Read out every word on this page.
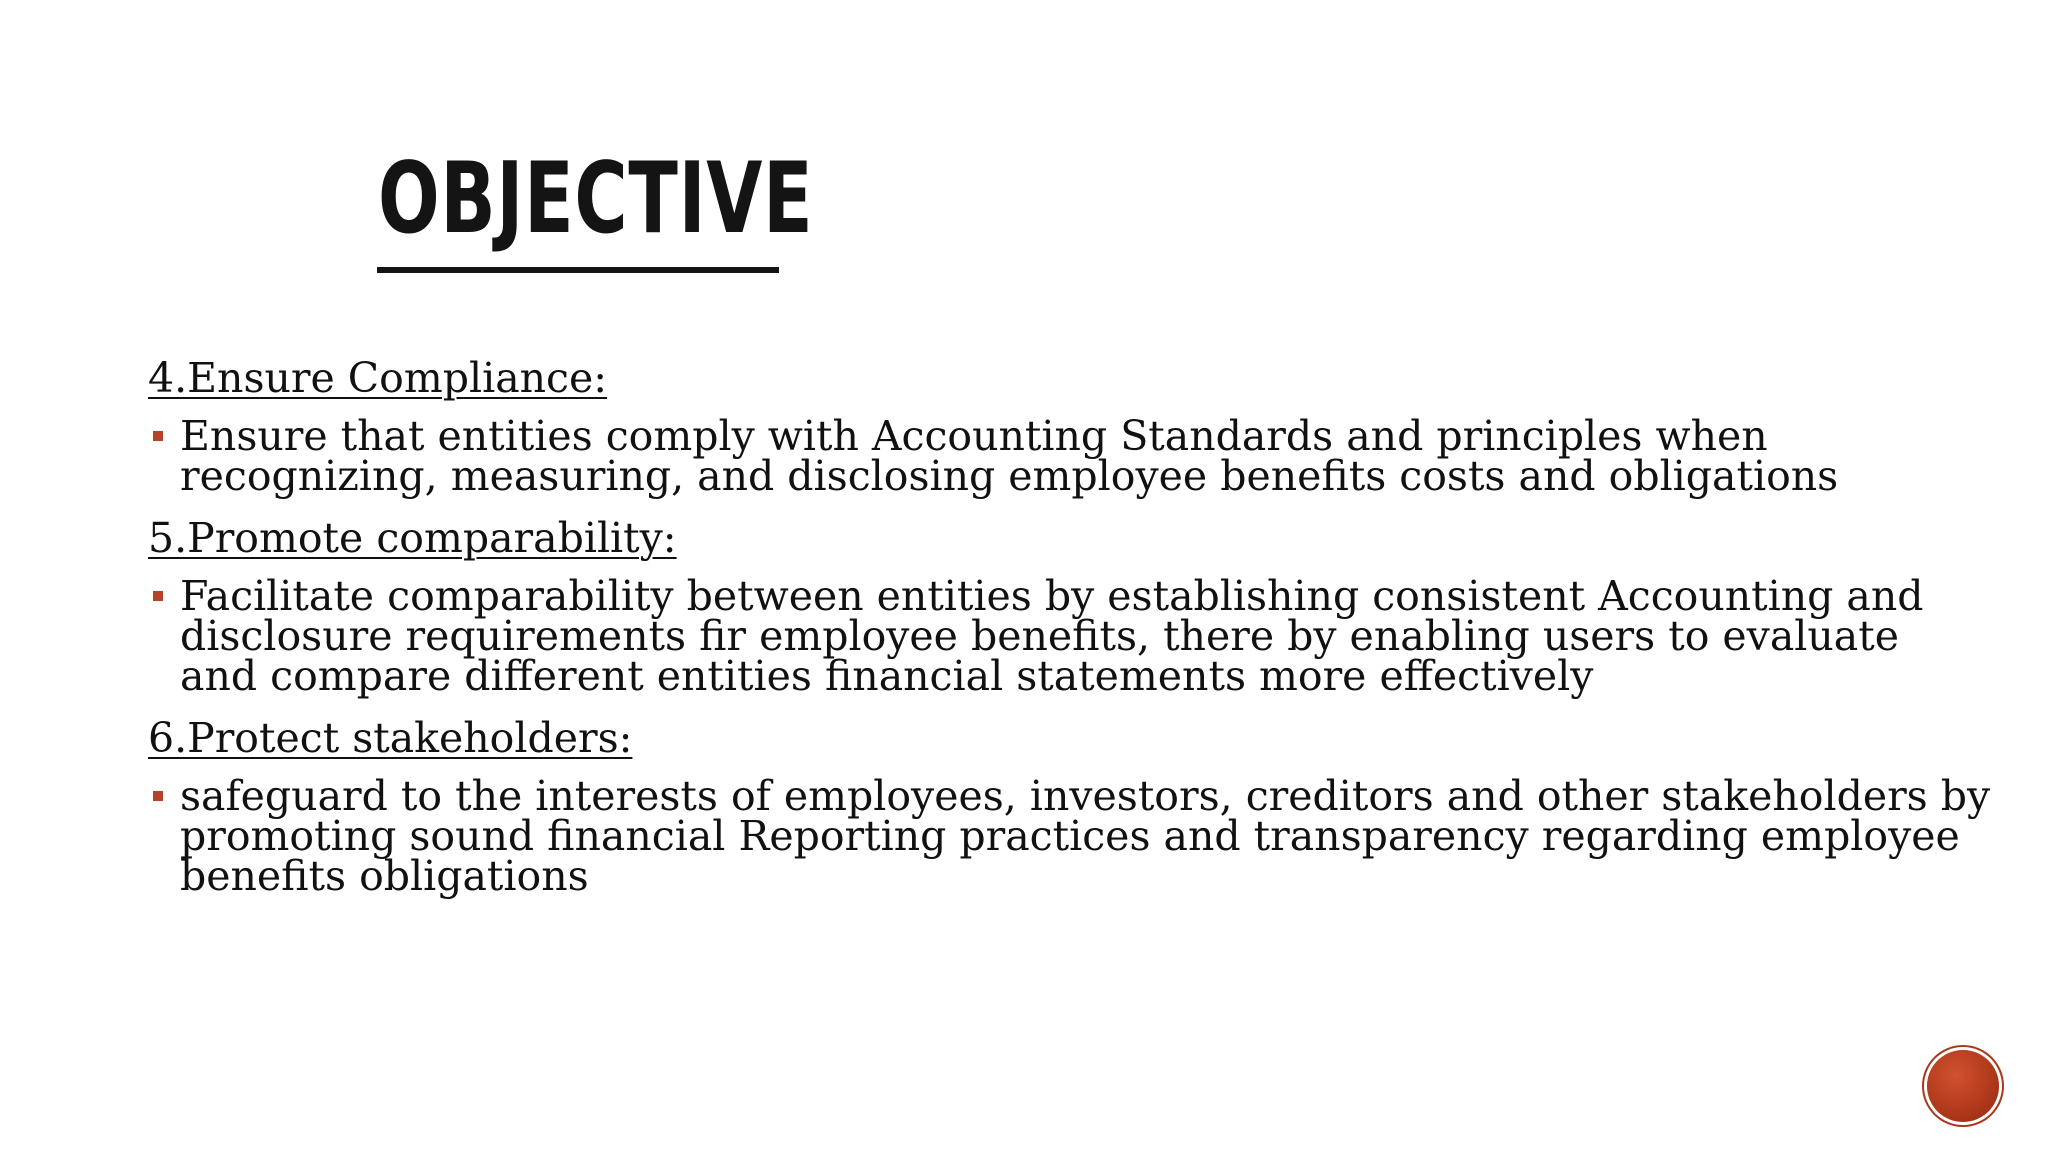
OBJECTIVE
4.Ensure Compliance:
Ensure that entities comply with Accounting Standards and principles when
recognizing, measuring, and disclosing employee benefits costs and obligations
5.Promote comparability:
Facilitate comparability between entities by establishing consistent Accounting and
disclosure requirements fir employee benefits, there by enabling users to evaluate
and compare different entities financial statements more effectively
6.Protect stakeholders:
safeguard to the interests of employees, investors, creditors and other stakeholders by
promoting sound financial Reporting practices and transparency regarding employee
benefits obligations
